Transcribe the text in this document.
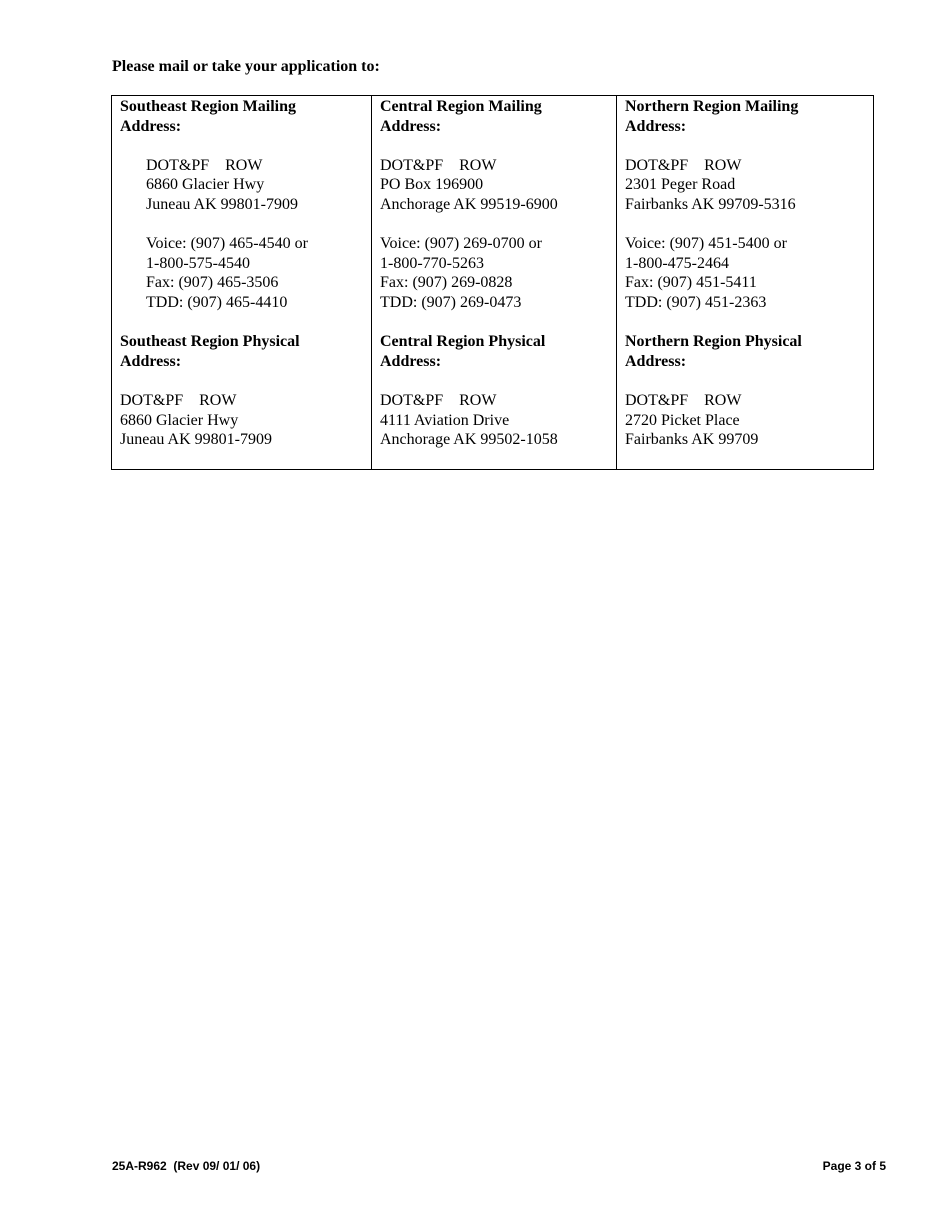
Please mail or take your application to:
Southeast Region Mailing
Address:
DOT&PF    ROW
6860 Glacier Hwy
Juneau AK 99801-7909
Voice: (907) 465-4540 or
1-800-575-4540
Fax: (907) 465-3506
TDD: (907) 465-4410
Southeast Region Physical
Address:
DOT&PF    ROW
6860 Glacier Hwy
Juneau AK 99801-7909
Central Region Mailing
Address:
DOT&PF    ROW
PO Box 196900
Anchorage AK 99519-6900
Voice: (907) 269-0700 or
1-800-770-5263
Fax: (907) 269-0828
TDD: (907) 269-0473
Central Region Physical
Address:
DOT&PF    ROW
4111 Aviation Drive
Anchorage AK 99502-1058
Northern Region Mailing
Address:
DOT&PF    ROW
2301 Peger Road
Fairbanks AK 99709-5316
Voice: (907) 451-5400 or
1-800-475-2464
Fax: (907) 451-5411
TDD: (907) 451-2363
Northern Region Physical
Address:
DOT&PF    ROW
2720 Picket Place
Fairbanks AK 99709
25A-R962  (Rev 09/ 01/ 06)	Page 3 of 5
